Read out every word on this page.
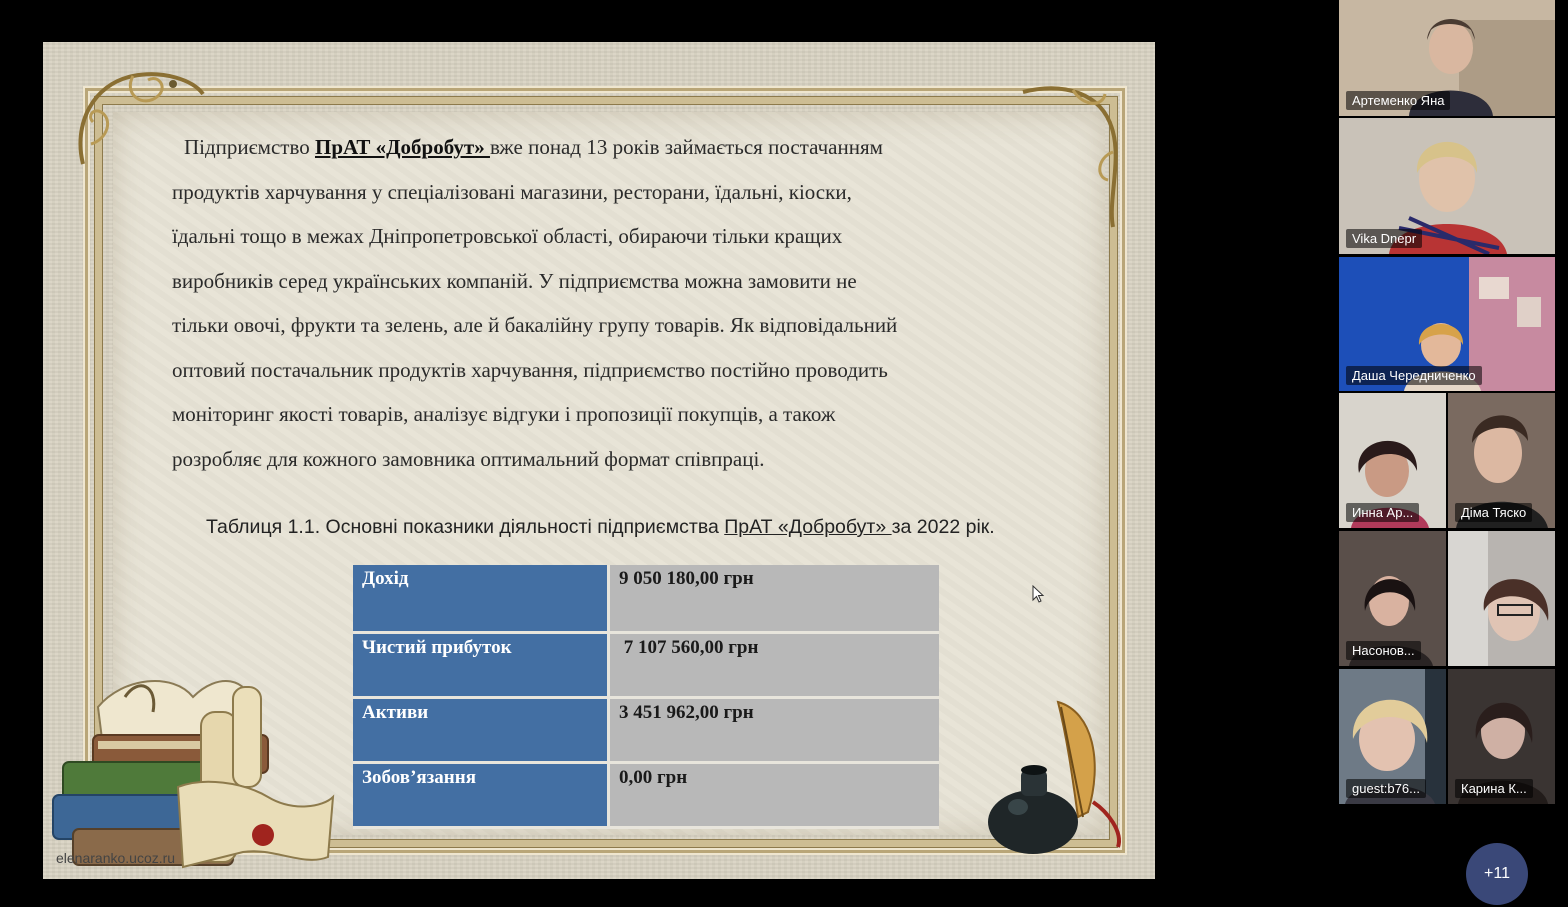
Підприємство ПрАТ «Добробут» вже понад 13 років займається постачанням
продуктів харчування у спеціалізовані магазини, ресторани, їдальні, кіоски,
їдальні тощо в межах Дніпропетровської області, обираючи тільки кращих
виробників серед українських компаній. У підприємства можна замовити не
тільки овочі, фрукти та зелень, але й бакалійну групу товарів. Як відповідальний
оптовий постачальник продуктів харчування, підприємство постійно проводить
моніторинг якості товарів, аналізує відгуки і пропозиції покупців, а також
розробляє для кожного замовника оптимальний формат співпраці.

Таблиця 1.1. Основні показники діяльності підприємства ПрАТ «Добробут» за 2022 рік.
Дохід	9 050 180,00 грн
Чистий прибуток	7 107 560,00 грн
Активи	3 451 962,00 грн
Зобов’язання	0,00 грн
elenaranko.ucoz.ru
Артеменко Яна
Vika Dnepr
Даша Чередниченко
Инна Ар...	Діма Тяско
Насонов...
guest:b76...	Карина К...
+11
